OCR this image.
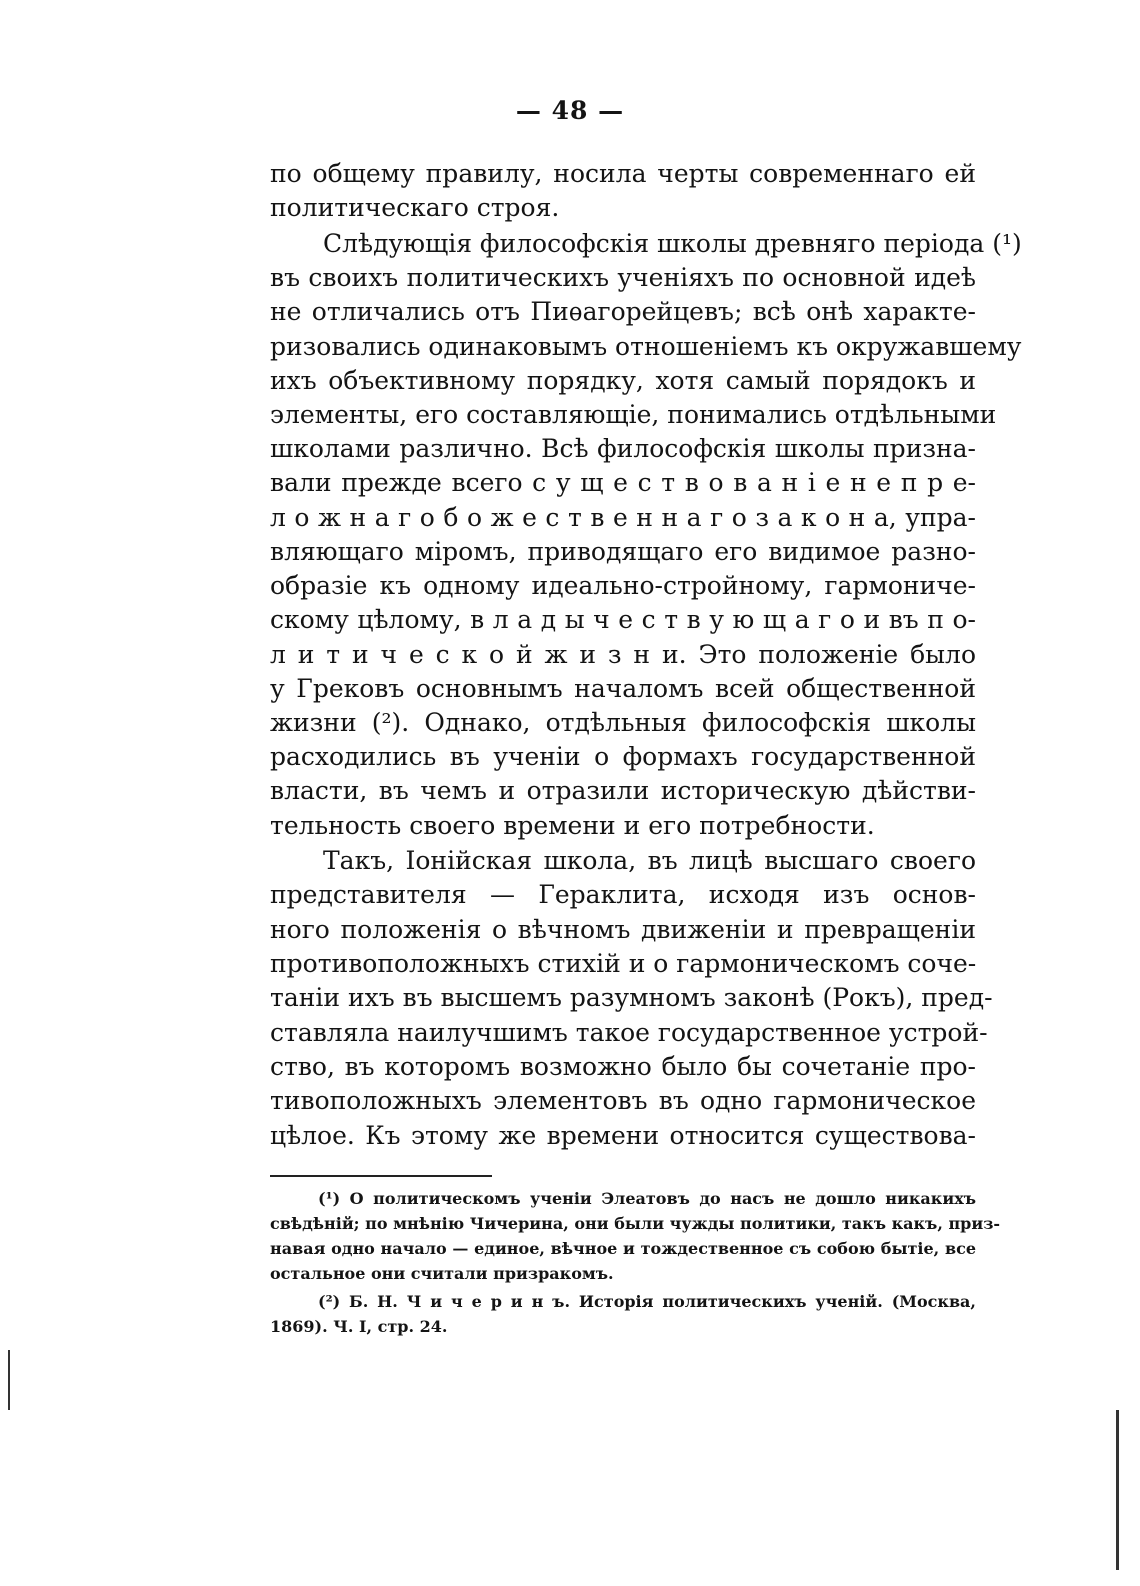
— 48 —
по общему правилу, носила черты современнаго ей
политическаго строя.
Слѣдующія философскія школы древняго періода (¹)
въ своихъ политическихъ ученіяхъ по основной идеѣ
не отличались отъ Пиѳагорейцевъ; всѣ онѣ характе-
ризовались одинаковымъ отношеніемъ къ окружавшему
ихъ объективному порядку, хотя самый порядокъ и
элементы, его составляющіе, понимались отдѣльными
школами различно. Всѣ философскія школы призна-
вали прежде всего с у щ е с т в о в а н і е н е п р е-
л о ж н а г о б о ж е с т в е н н а г о з а к о н а, упра-
вляющаго міромъ, приводящаго его видимое разно-
образіе къ одному идеально-стройному, гармониче-
скому цѣлому, в л а д ы ч е с т в у ю щ а г о и въ п о-
л и т и ч е с к о й ж и з н и. Это положеніе было
у Грековъ основнымъ началомъ всей общественной
жизни (²). Однако, отдѣльныя философскія школы
расходились въ ученіи о формахъ государственной
власти, въ чемъ и отразили историческую дѣйстви-
тельность своего времени и его потребности.
Такъ, Іонійская школа, въ лицѣ высшаго своего
представителя — Гераклита, исходя изъ основ-
ного положенія о вѣчномъ движеніи и превращеніи
противоположныхъ стихій и о гармоническомъ соче-
таніи ихъ въ высшемъ разумномъ законѣ (Рокъ), пред-
ставляла наилучшимъ такое государственное устрой-
ство, въ которомъ возможно было бы сочетаніе про-
тивоположныхъ элементовъ въ одно гармоническое
цѣлое. Къ этому же времени относится существова-
(¹) О политическомъ ученіи Элеатовъ до насъ не дошло никакихъ
свѣдѣній; по мнѣнію Чичерина, они были чужды политики, такъ какъ, приз-
навая одно начало — единое, вѣчное и тождественное съ собою бытіе, все
остальное они считали призракомъ.
(²) Б. Н. Ч и ч е р и н ъ. Исторія политическихъ ученій. (Москва,
1869). Ч. I, стр. 24.
